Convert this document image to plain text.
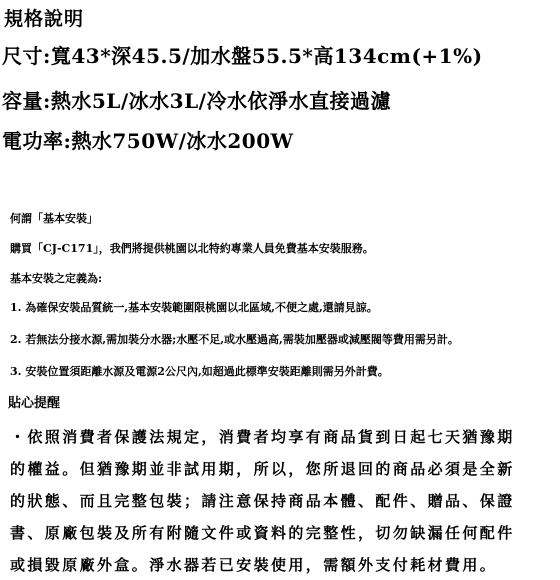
規格說明
尺寸:寬43*深45.5/加水盤55.5*高134cm(+1%)
容量:熱水5L/冰水3L/冷水依淨水直接過濾
電功率:熱水750W/冰水200W
何謂「基本安裝」
購買「CJ-C171」，我們將提供桃園以北特約專業人員免費基本安裝服務。
基本安裝之定義為:
1. 為確保安裝品質統一,基本安裝範圍限桃園以北區域,不便之處,還請見諒。
2. 若無法分接水源,需加裝分水器;水壓不足,或水壓過高,需裝加壓器或減壓閥等費用需另計。
3. 安裝位置須距離水源及電源2公尺內,如超過此標準安裝距離則需另外計費。
貼心提醒
・依照消費者保護法規定，消費者均享有商品貨到日起七天猶豫期
的權益。但猶豫期並非試用期，所以，您所退回的商品必須是全新
的狀態、而且完整包裝；請注意保持商品本體、配件、贈品、保證
書、原廠包裝及所有附隨文件或資料的完整性，切勿缺漏任何配件
或損毀原廠外盒。淨水器若已安裝使用，需額外支付耗材費用。
